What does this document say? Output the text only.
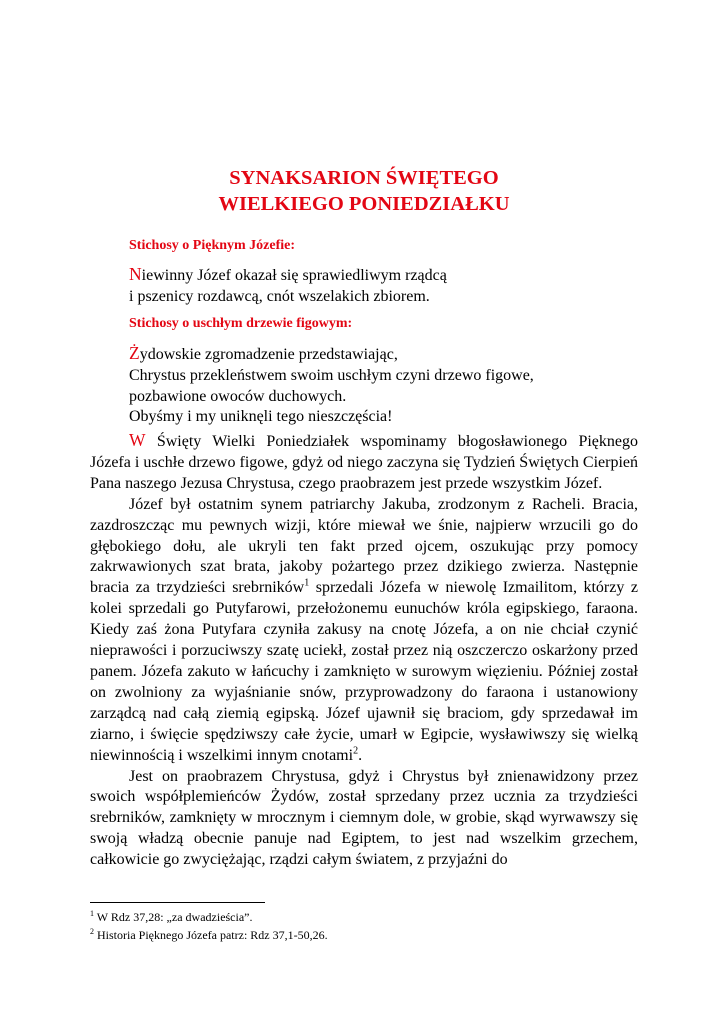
SYNAKSARION ŚWIĘTEGO
WIELKIEGO PONIEDZIAŁKU
Stichosy o Pięknym Józefie:
Niewinny Józef okazał się sprawiedliwym rządcą
i pszenicy rozdawcą, cnót wszelakich zbiorem.
Stichosy o uschłym drzewie figowym:
Żydowskie zgromadzenie przedstawiając,
Chrystus przekleństwem swoim uschłym czyni drzewo figowe,
pozbawione owoców duchowych.
Obyśmy i my uniknęli tego nieszczęścia!

W Święty Wielki Poniedziałek wspominamy błogosławionego Pięknego Józefa i uschłe drzewo figowe, gdyż od niego zaczyna się Tydzień Świętych Cierpień Pana naszego Jezusa Chrystusa, czego praobrazem jest przede wszystkim Józef.

Józef był ostatnim synem patriarchy Jakuba, zrodzonym z Racheli. Bracia, zazdroszcząc mu pewnych wizji, które miewał we śnie, najpierw wrzucili go do głębokiego dołu, ale ukryli ten fakt przed ojcem, oszukując przy pomocy zakrwawionych szat brata, jakoby pożartego przez dzikiego zwierza. Następnie bracia za trzydzieści srebrników$^1$ sprzedali Józefa w niewolę Izmailitom, którzy z kolei sprzedali go Putyfarowi, przełożonemu eunuchów króla egipskiego, faraona. Kiedy zaś żona Putyfara czyniła zakusy na cnotę Józefa, a on nie chciał czynić nieprawości i porzuciwszy szatę uciekł, został przez nią oszczerczo oskarżony przed panem. Józefa zakuto w łańcuchy i zamknięto w surowym więzieniu. Później został on zwolniony za wyjaśnianie snów, przyprowadzony do faraona i ustanowiony zarządcą nad całą ziemią egipską. Józef ujawnił się braciom, gdy sprzedawał im ziarno, i święcie spędziwszy całe życie, umarł w Egipcie, wysławiwszy się wielką niewinnością i wszelkimi innym cnotami$^2$.

Jest on praobrazem Chrystusa, gdyż i Chrystus był znienawidzony przez swoich współplemieńców Żydów, został sprzedany przez ucznia za trzydzieści srebrników, zamknięty w mrocznym i ciemnym dole, w grobie, skąd wyrwawszy się swoją władzą obecnie panuje nad Egiptem, to jest nad wszelkim grzechem, całkowicie go zwyciężając, rządzi całym światem, z przyjaźni do

$^1$ W Rdz 37,28: „za dwadzieścia”.
$^2$ Historia Pięknego Józefa patrz: Rdz 37,1-50,26.
